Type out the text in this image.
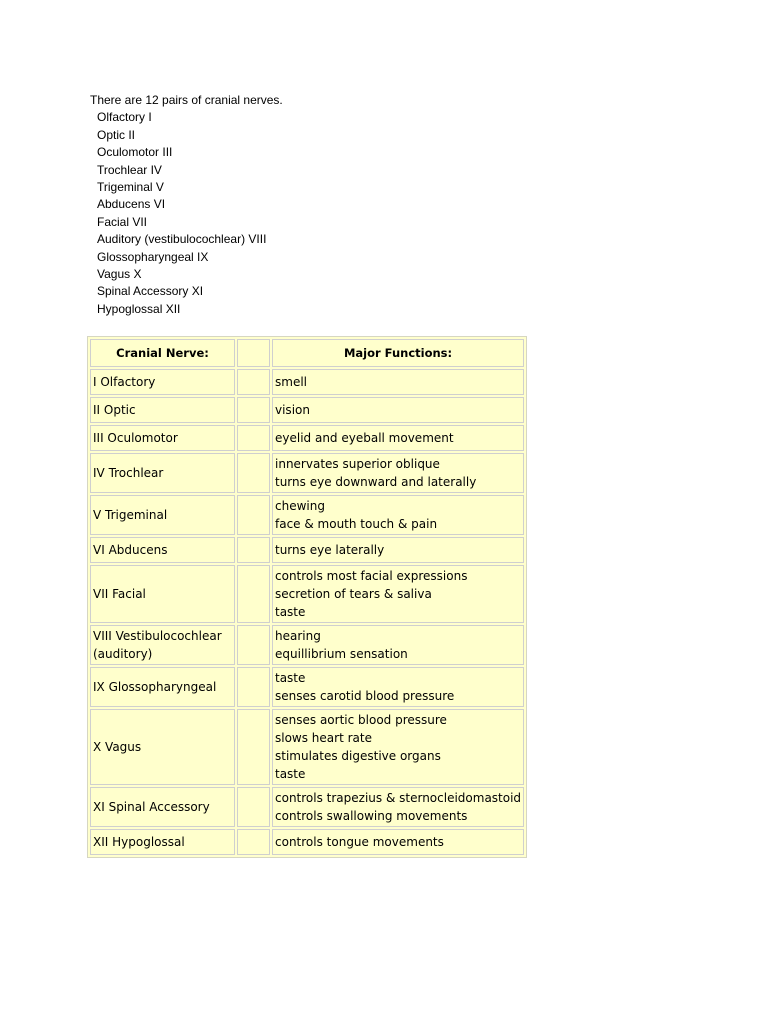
There are 12 pairs of cranial nerves.

Olfactory I
Optic II
Oculomotor III
Trochlear IV
Trigeminal V
Abducens VI
Facial VII
Auditory (vestibulocochlear) VIII
Glossopharyngeal IX
Vagus X
Spinal Accessory XI
Hypoglossal XII
Cranial Nerve:		Major Functions:

I Olfactory		smell

II Optic		vision

III Oculomotor		eyelid and eyeball movement

IV Trochlear		innervates superior oblique
turns eye downward and laterally

V Trigeminal		chewing
face & mouth touch & pain

VI Abducens		turns eye laterally

VII Facial		controls most facial expressions
secretion of tears & saliva
taste

VIII Vestibulocochlear
(auditory)		hearing
equillibrium sensation

IX Glossopharyngeal		taste
senses carotid blood pressure

X Vagus		senses aortic blood pressure
slows heart rate
stimulates digestive organs
taste

XI Spinal Accessory		controls trapezius & sternocleidomastoid
controls swallowing movements

XII Hypoglossal		controls tongue movements
